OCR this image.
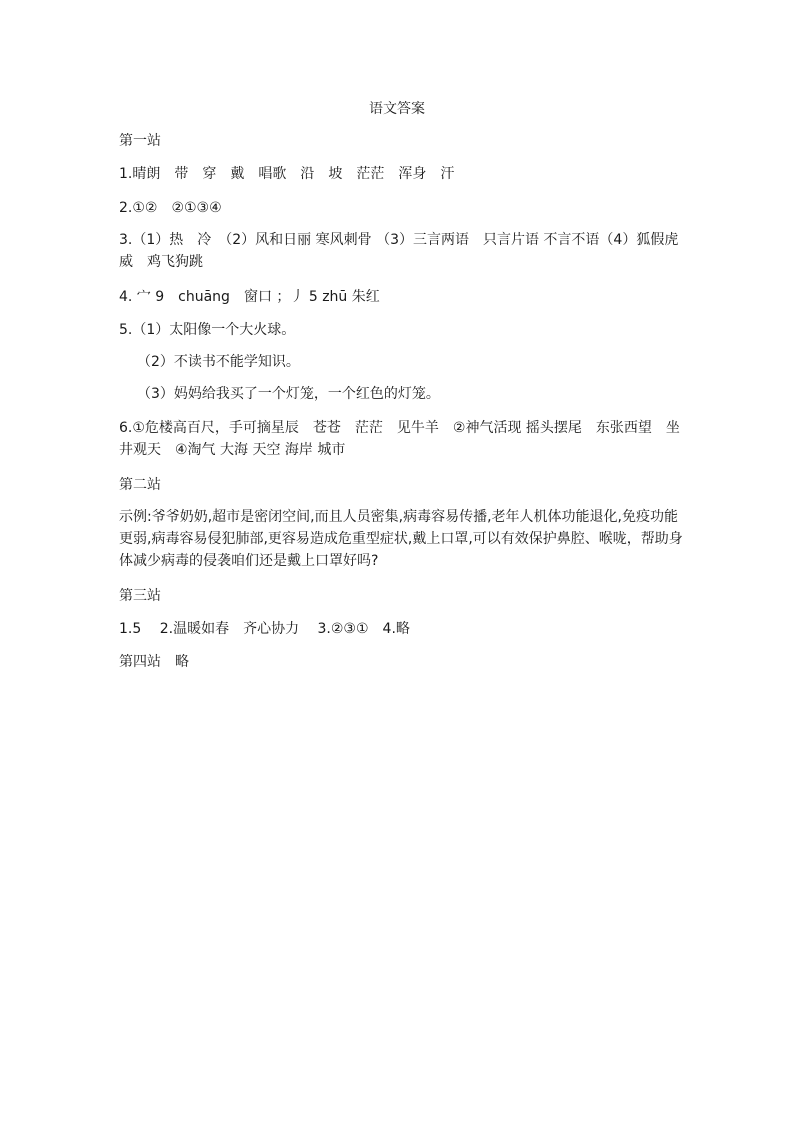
语文答案
第一站
1.晴朗　带　穿　戴　唱歌　沿　坡　茫茫　浑身　汗
2.①②　②①③④
3.（1）热　冷　（2）风和日丽 寒风刺骨 （3）三言两语　只言片语 不言不语（4）狐假虎威　鸡飞狗跳
4. 宀 9　chuāng　窗口 ；丿 5 zhū 朱红
5.（1）太阳像一个大火球。
（2）不读书不能学知识。
（3）妈妈给我买了一个灯笼，一个红色的灯笼。
6.①危楼高百尺，手可摘星辰　苍苍　茫茫　见牛羊　②神气活现 摇头摆尾　东张西望　坐井观天　④淘气 大海 天空 海岸 城市
第二站
示例:爷爷奶奶,超市是密闭空间,而且人员密集,病毒容易传播,老年人机体功能退化,免疫功能更弱,病毒容易侵犯肺部,更容易造成危重型症状,戴上口罩,可以有效保护鼻腔、喉咙，帮助身体减少病毒的侵袭咱们还是戴上口罩好吗?
第三站
1.5　 2.温暖如春　齐心协力　 3.②③①　4.略
第四站　略
